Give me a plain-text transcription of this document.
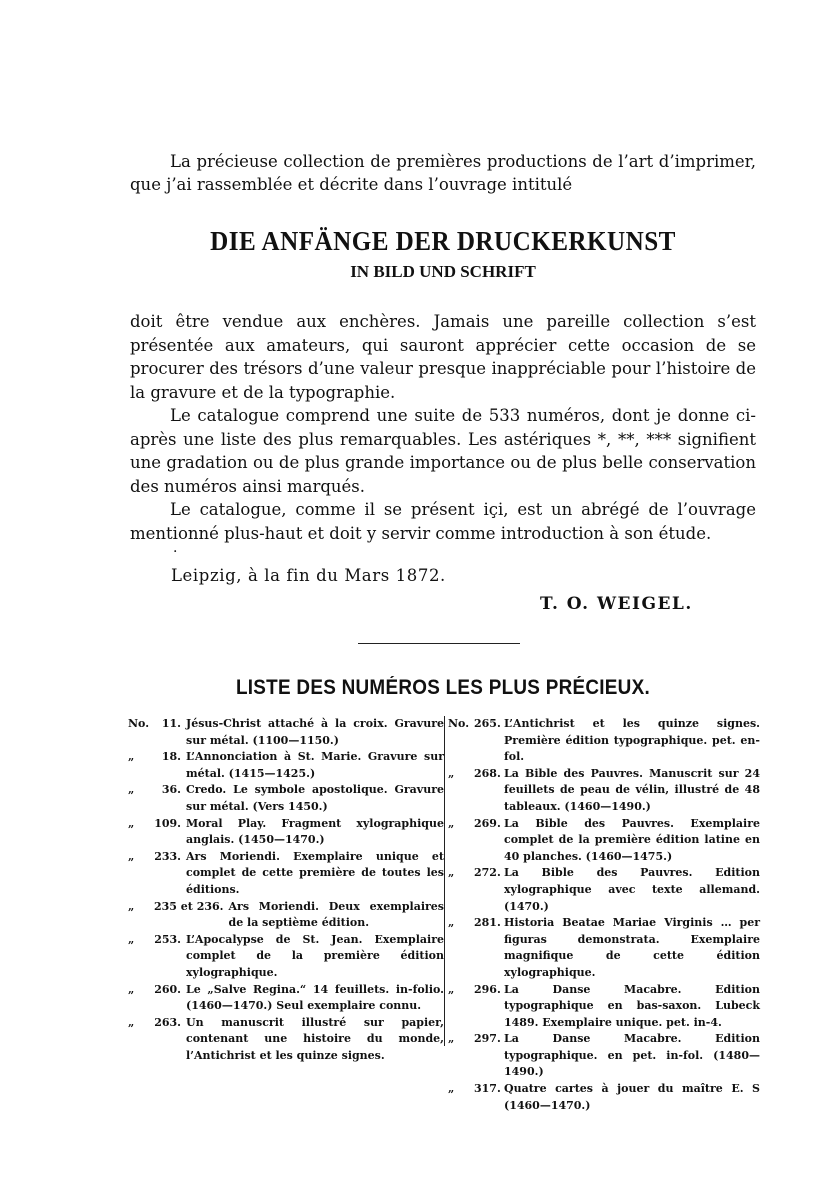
La précieuse collection de premières productions de l’art d’imprimer, que j’ai rassemblée et décrite dans l’ouvrage intitulé

DIE ANFÄNGE DER DRUCKERKUNST
IN BILD UND SCHRIFT

doit être vendue aux enchères. Jamais une pareille collection s’est présentée aux amateurs, qui sauront apprécier cette occasion de se procurer des trésors d’une valeur presque inappréciable pour l’histoire de la gravure et de la typographie.

Le catalogue comprend une suite de 533 numéros, dont je donne ci-après une liste des plus remarquables. Les astériques *, **, *** signifient une gradation ou de plus grande importance ou de plus belle conservation des numéros ainsi marqués.

Le catalogue, comme il se présent içi, est un abrégé de l’ouvrage mentionné plus-haut et doit y servir comme introduction à son étude.

·
Leipzig, à la fin du Mars 1872.
T. O. WEIGEL.
LISTE DES NUMÉROS LES PLUS PRÉCIEUX.
No.	11. Jésus-Christ attaché à la croix. Gravure sur métal. (1100—1150.)
„	18. L’Annonciation à St. Marie. Gravure sur métal. (1415—1425.)
„	36. Credo. Le symbole apostolique. Gravure sur métal. (Vers 1450.)
„	109. Moral Play. Fragment xylographique anglais. (1450—1470.)
„	233. Ars Moriendi. Exemplaire unique et complet de cette première de toutes les éditions.
„	235 et 236. Ars Moriendi. Deux exemplaires de la septième édition.
„	253. L’Apocalypse de St. Jean. Exemplaire complet de la première édition xylographique.
„	260. Le „Salve Regina.“ 14 feuillets. in-folio. (1460—1470.) Seul exemplaire connu.
„	263. Un manuscrit illustré sur papier, contenant une histoire du monde, l’Antichrist et les quinze signes.
No. 265. L’Antichrist et les quinze signes. Première édition typographique. pet. en-fol.
„	268. La Bible des Pauvres. Manuscrit sur 24 feuillets de peau de vélin, illustré de 48 tableaux. (1460—1490.)
„	269. La Bible des Pauvres. Exemplaire complet de la première édition latine en 40 planches. (1460—1475.)
„	272. La Bible des Pauvres. Edition xylographique avec texte allemand. (1470.)
„	281. Historia Beatae Mariae Virginis … per figuras demonstrata. Exemplaire magnifique de cette édition xylographique.
„	296. La Danse Macabre. Edition typographique en bas-saxon. Lubeck 1489. Exemplaire unique. pet. in-4.
„	297. La Danse Macabre. Edition typographique. en pet. in-fol. (1480—1490.)
„	317. Quatre cartes à jouer du maître E. S (1460—1470.)
